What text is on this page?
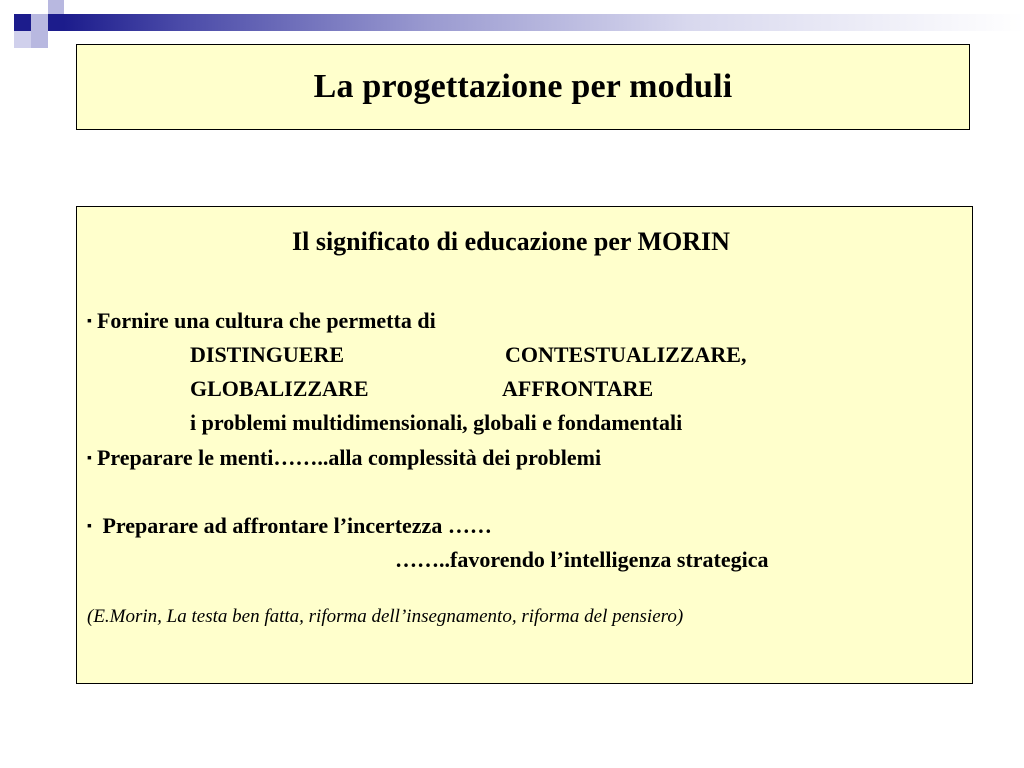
La progettazione per moduli
Il significato di educazione per MORIN
▪ Fornire una cultura che permetta di
DISTINGUERE	CONTESTUALIZZARE,
GLOBALIZZARE	AFFRONTARE
i problemi multidimensionali, globali e fondamentali
▪ Preparare le menti……..alla complessità dei problemi
▪ Preparare ad affrontare l’incertezza ……
……..favorendo l’intelligenza strategica
(E.Morin, La testa ben fatta, riforma dell’insegnamento, riforma del pensiero)
